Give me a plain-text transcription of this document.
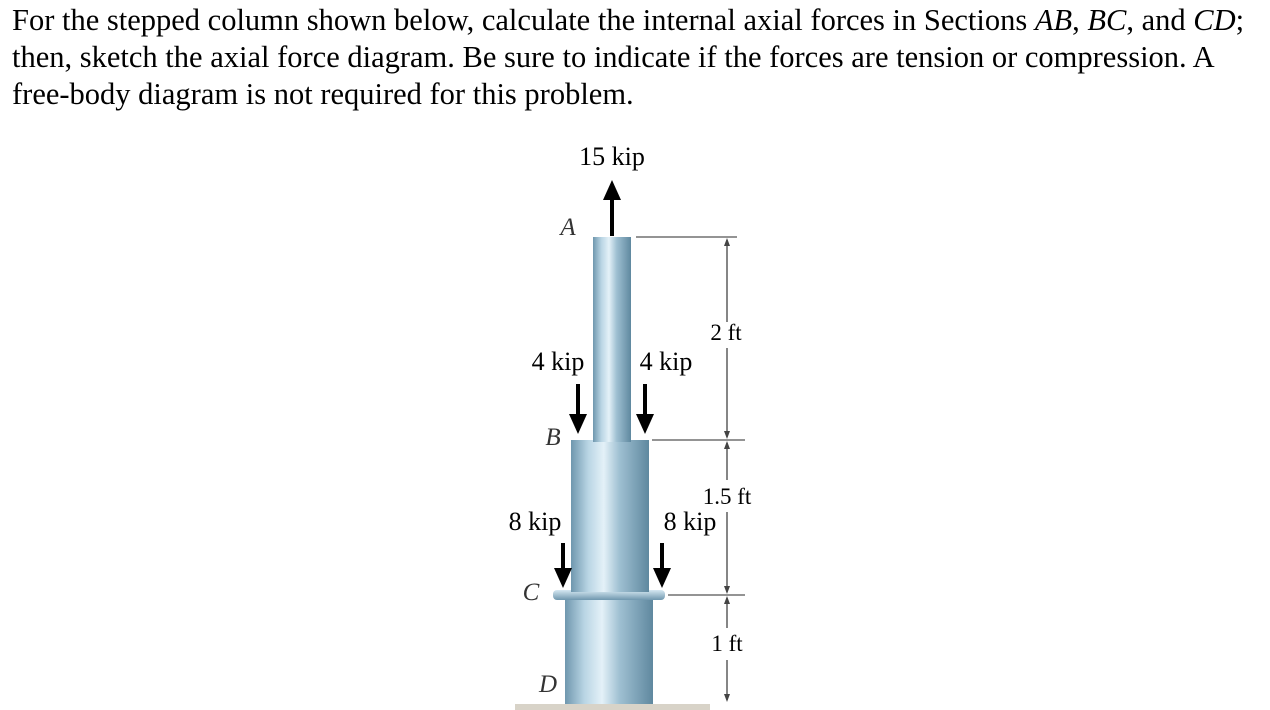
For the stepped column shown below, calculate the internal axial forces in Sections AB, BC, and CD; then, sketch the axial force diagram. Be sure to indicate if the forces are tension or compression. A free-body diagram is not required for this problem.

15 kip
A
4 kip 4 kip
B
8 kip	8 kip
C
D
2 ft
1.5 ft
1 ft
